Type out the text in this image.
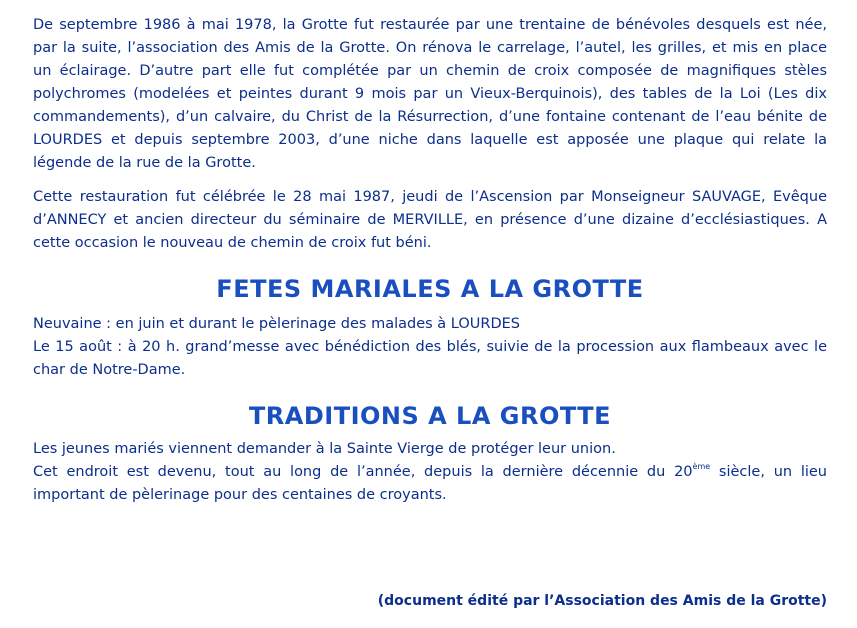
De septembre 1986 à mai 1978, la Grotte fut restaurée par une trentaine de bénévoles desquels est née,
par la suite, l’association des Amis de la Grotte. On rénova le carrelage, l’autel, les grilles, et mis en place
un éclairage. D’autre part elle fut complétée par un chemin de croix composée de magnifiques stèles
polychromes (modelées et peintes durant 9 mois par un Vieux-Berquinois), des tables de la Loi (Les dix
commandements), d’un calvaire, du Christ de la Résurrection, d’une fontaine contenant de l’eau bénite de
LOURDES et depuis septembre 2003, d’une niche dans laquelle est apposée une plaque qui relate la
légende de la rue de la Grotte.

Cette restauration fut célébrée le 28 mai 1987, jeudi de l’Ascension par Monseigneur SAUVAGE, Evêque
d’ANNECY et ancien directeur du séminaire de MERVILLE, en présence d’une dizaine d’ecclésiastiques. A
cette occasion le nouveau de chemin de croix fut béni.

FETES MARIALES A LA GROTTE

Neuvaine : en juin et durant le pèlerinage des malades à LOURDES
Le 15 août : à 20 h. grand’messe avec bénédiction des blés, suivie de la procession aux flambeaux avec le
char de Notre-Dame.

TRADITIONS A LA GROTTE

Les jeunes mariés viennent demander à la Sainte Vierge de protéger leur union.
Cet endroit est devenu, tout au long de l’année, depuis la dernière décennie du 20ème siècle, un lieu
important de pèlerinage pour des centaines de croyants.

(document édité par l’Association des Amis de la Grotte)
